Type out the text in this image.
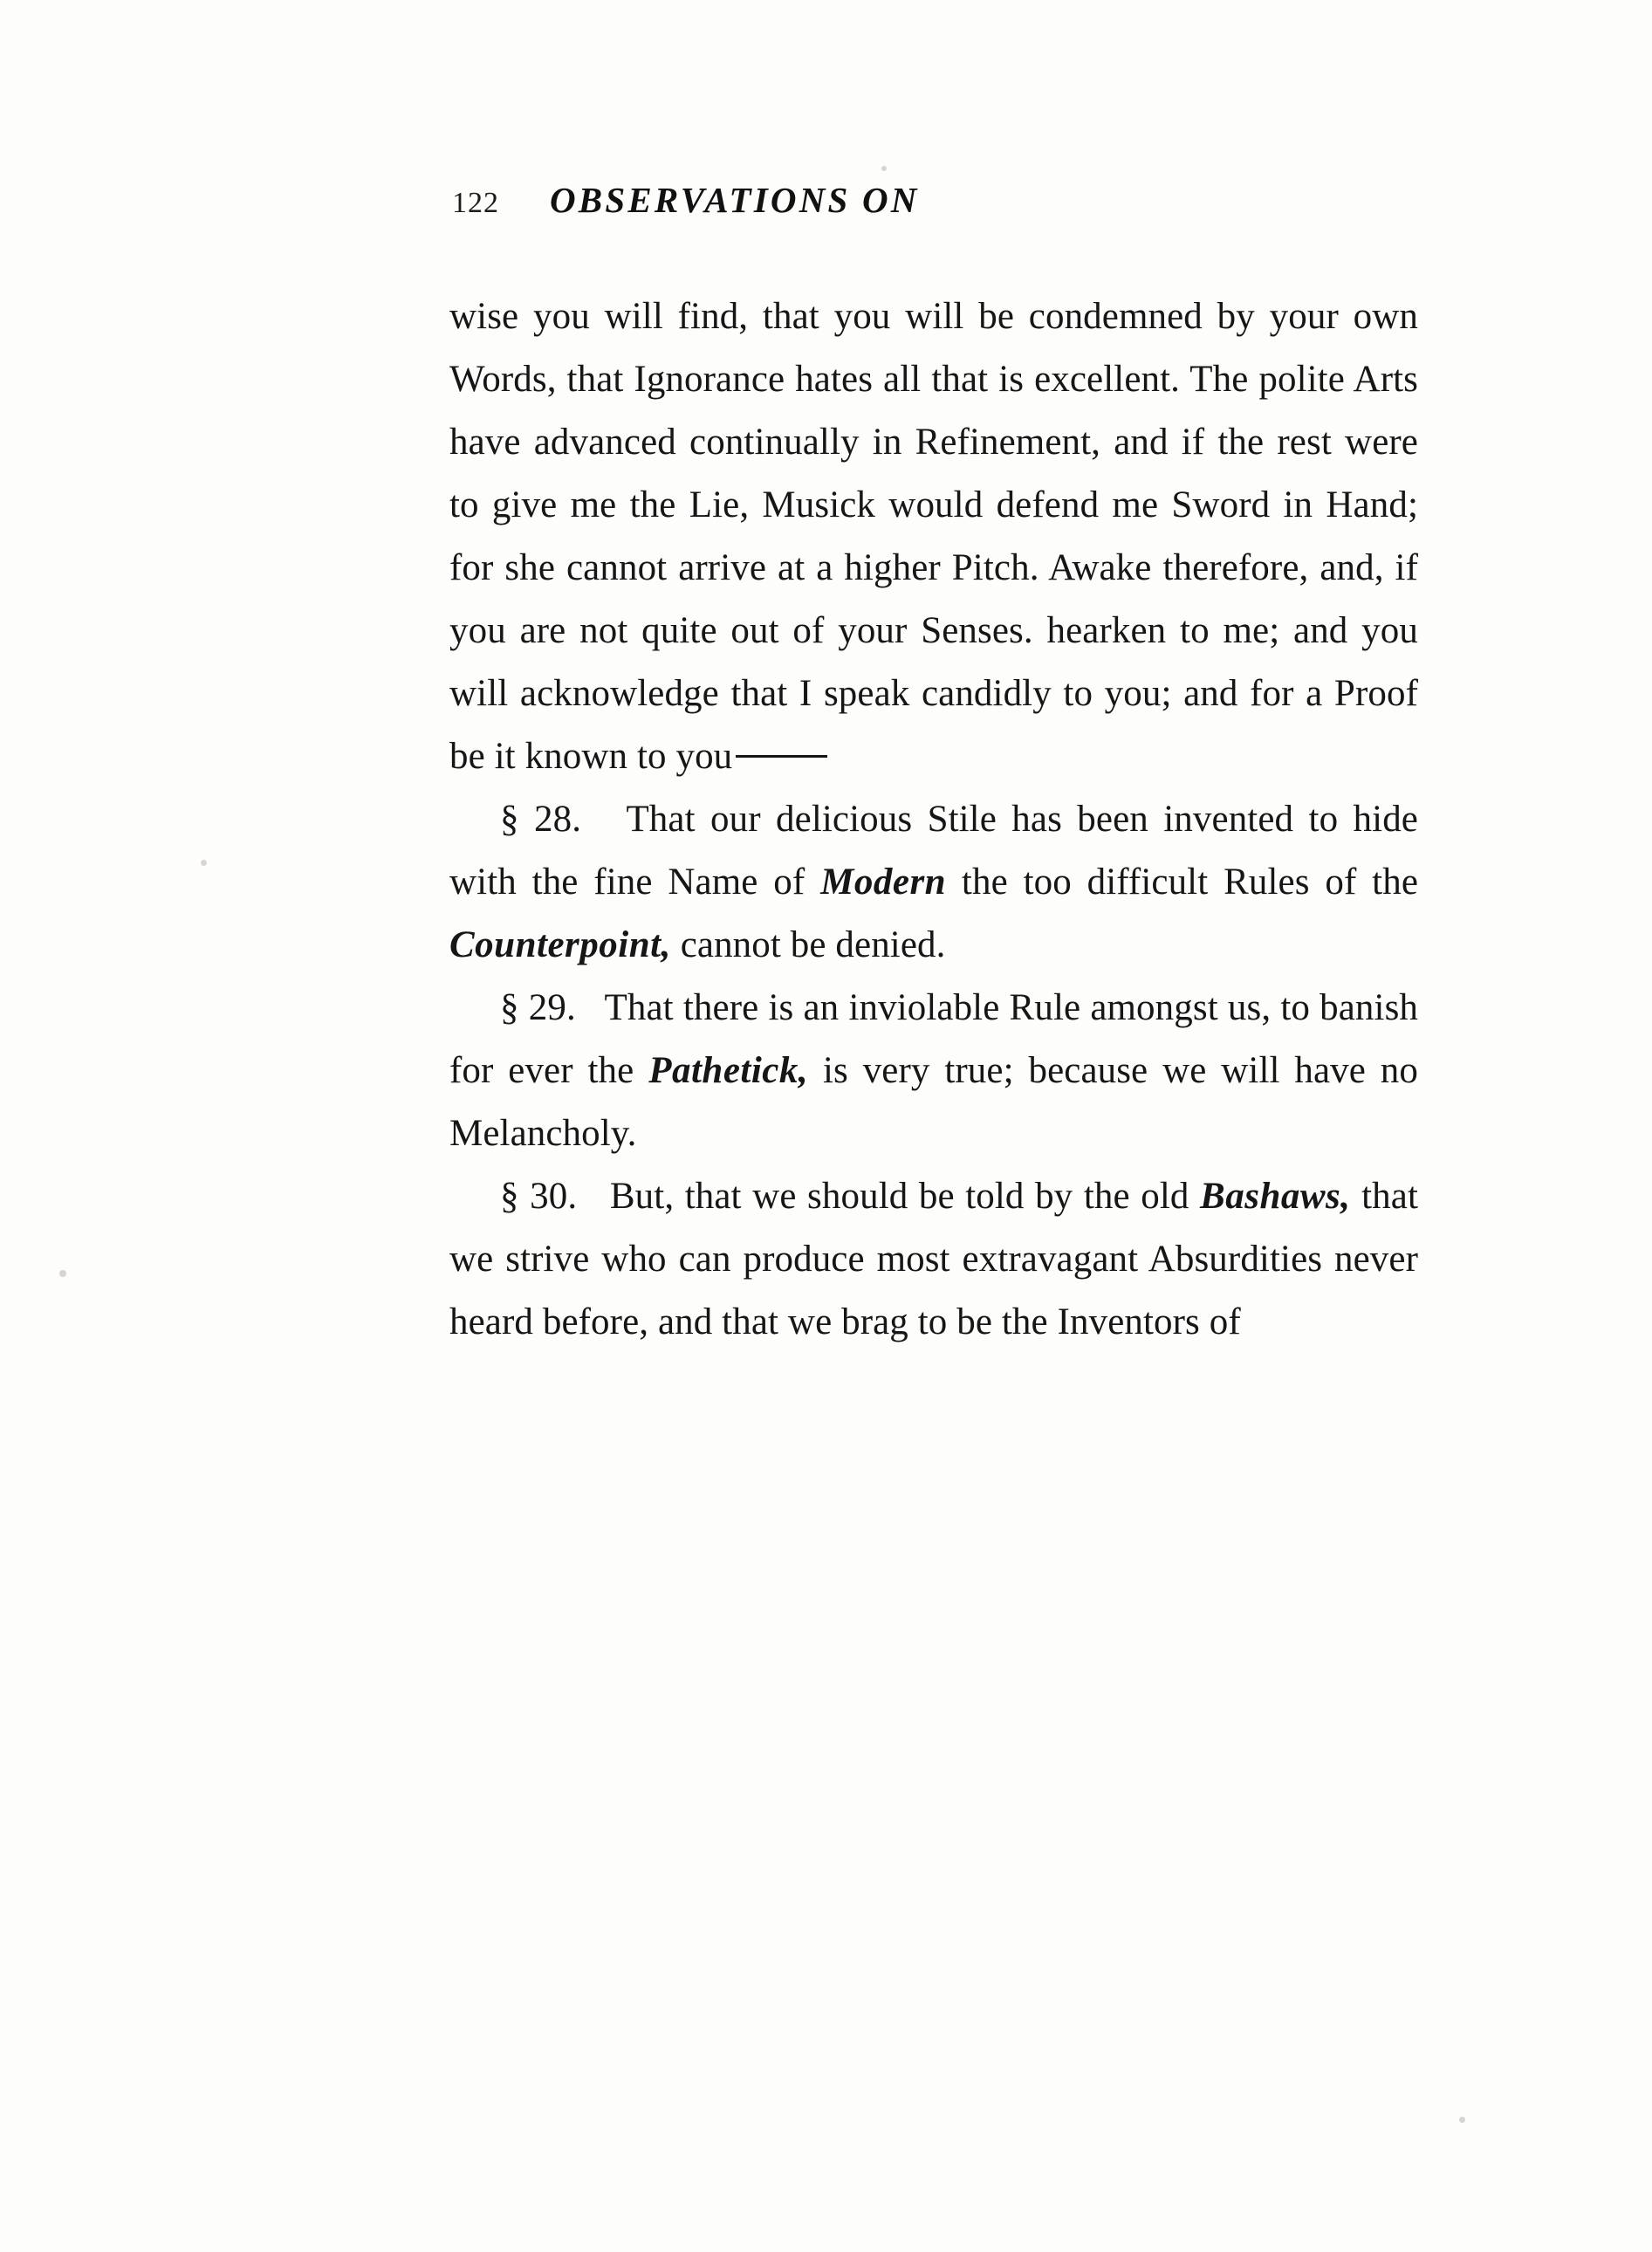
122	OBSERVATIONS ON

wise you will find, that you will be condemned by your own Words, that Ignorance hates all that is excellent. The polite Arts have advanced continually in Refinement, and if the rest were to give me the Lie, Musick would defend me Sword in Hand; for she cannot arrive at a higher Pitch. Awake therefore, and, if you are not quite out of your Senses. hearken to me; and you will acknowledge that I speak candidly to you; and for a Proof be it known to you

§ 28. That our delicious Stile has been invented to hide with the fine Name of Modern the too difficult Rules of the Counterpoint, cannot be denied.

§ 29. That there is an inviolable Rule amongst us, to banish for ever the Pathetick, is very true; because we will have no Melancholy.

§ 30. But, that we should be told by the old Bashaws, that we strive who can produce most extravagant Absurdities never heard before, and that we brag to be the Inventors of
